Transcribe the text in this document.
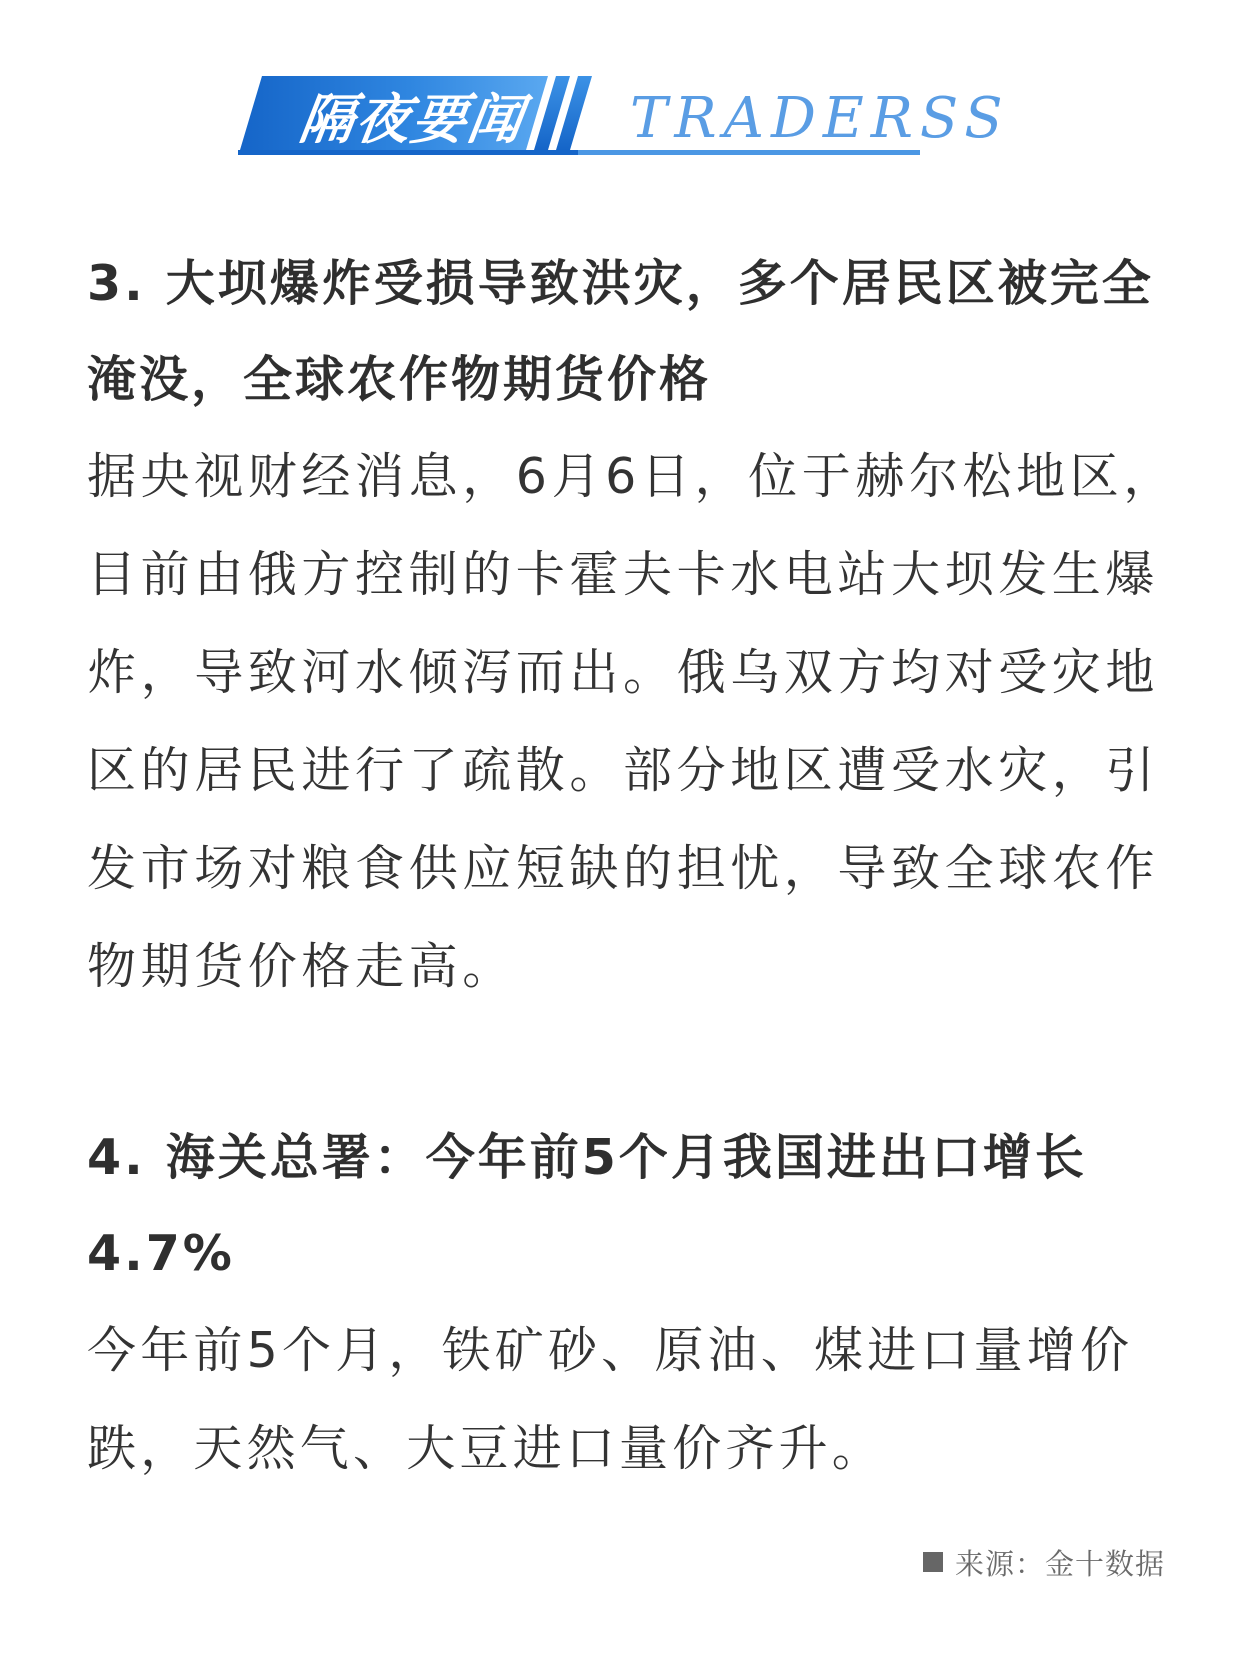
隔夜要闻	TRADERSS

3. 大坝爆炸受损导致洪灾，多个居民区被完全淹没，全球农作物期货价格

据央视财经消息，6月6日，位于赫尔松地区，目前由俄方控制的卡霍夫卡水电站大坝发生爆炸，导致河水倾泻而出。俄乌双方均对受灾地区的居民进行了疏散。部分地区遭受水灾，引发市场对粮食供应短缺的担忧，导致全球农作物期货价格走高。

4. 海关总署：今年前5个月我国进出口增长4.7%

今年前5个月，铁矿砂、原油、煤进口量增价跌，天然气、大豆进口量价齐升。

来源：金十数据
